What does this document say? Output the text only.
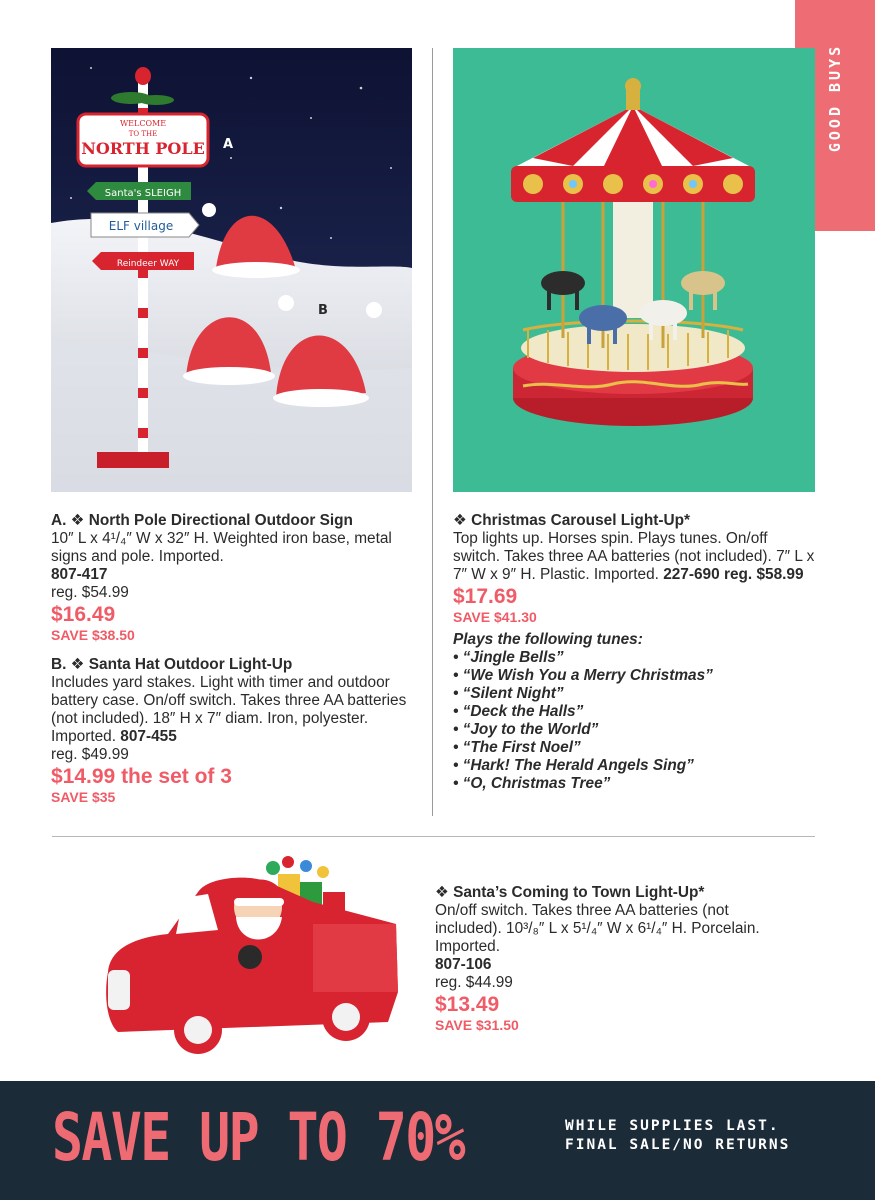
GOOD BUYS
WELCOME
TO THE
NORTH POLE
Santa's SLEIGH
ELF village
Reindeer WAY
A
B
A. ❖ North Pole Directional Outdoor Sign
10″ L x 4¹/₄″ W x 32″ H. Weighted iron base, metal signs and pole. Imported.
807-417
reg. $54.99
$16.49
SAVE $38.50
B. ❖ Santa Hat Outdoor Light-Up
Includes yard stakes. Light with timer and outdoor battery case. On/off switch. Takes three AA batteries (not included). 18″ H x 7″ diam. Iron, polyester. Imported. 807-455
reg. $49.99
$14.99 the set of 3
SAVE $35
❖ Christmas Carousel Light-Up*
Top lights up. Horses spin. Plays tunes. On/off switch. Takes three AA batteries (not included). 7″ L x 7″ W x 9″ H. Plastic. Imported. 227-690 reg. $58.99
$17.69
SAVE $41.30
Plays the following tunes:
• “Jingle Bells”
• “We Wish You a Merry Christmas”
• “Silent Night”
• “Deck the Halls”
• “Joy to the World”
• “The First Noel”
• “Hark! The Herald Angels Sing”
• “O, Christmas Tree”
❖ Santa’s Coming to Town Light-Up*
On/off switch. Takes three AA batteries (not included). 10³/₈″ L x 5¹/₄″ W x 6¹/₄″ H. Porcelain. Imported.
807-106
reg. $44.99
$13.49
SAVE $31.50
SAVE UP TO 70%	WHILE SUPPLIES LAST.
FINAL SALE/NO RETURNS
